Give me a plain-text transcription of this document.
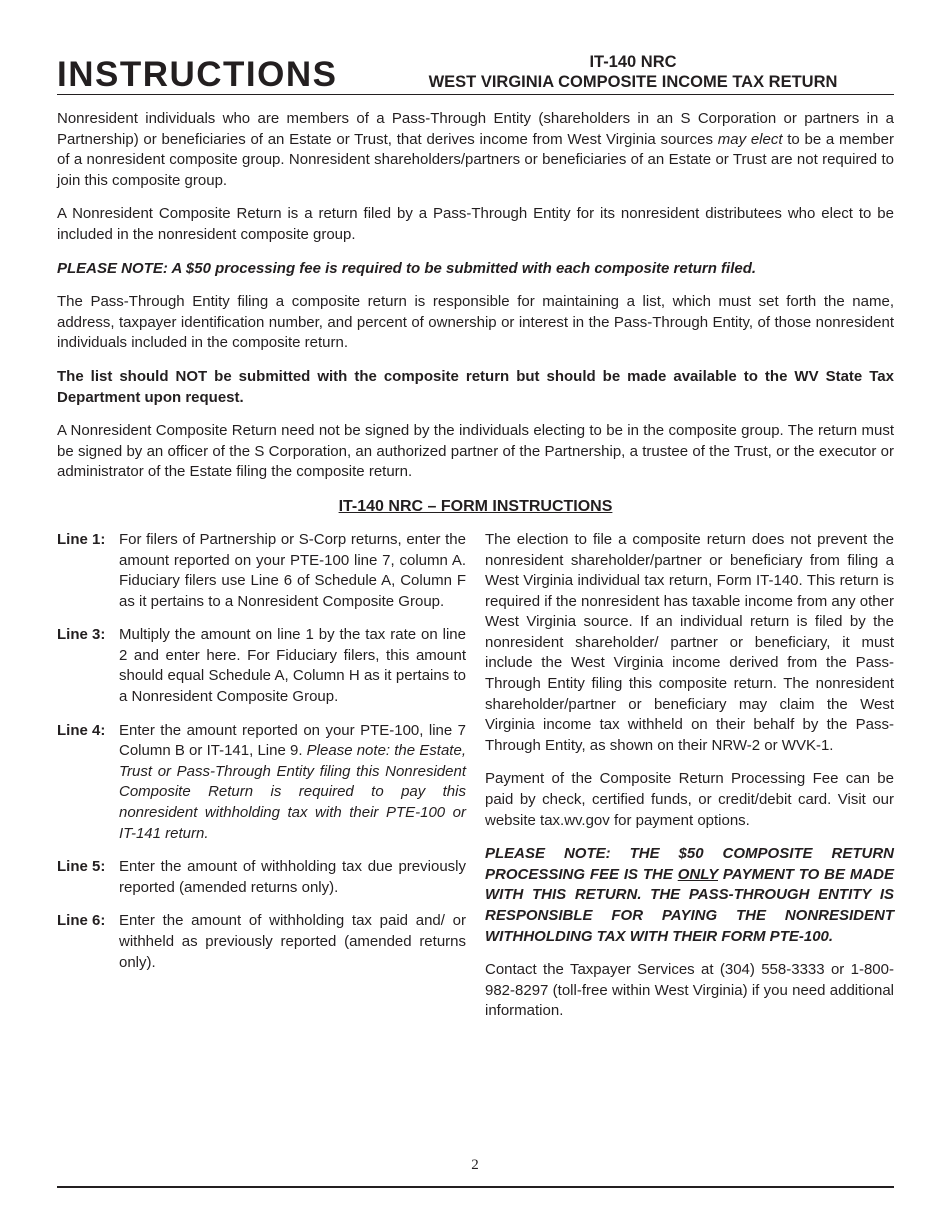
INSTRUCTIONS	IT-140 NRC
WEST VIRGINIA COMPOSITE INCOME TAX RETURN

Nonresident individuals who are members of a Pass-Through Entity (shareholders in an S Corporation or partners in a Partnership) or beneficiaries of an Estate or Trust, that derives income from West Virginia sources may elect to be a member of a nonresident composite group. Nonresident shareholders/partners or beneficiaries of an Estate or Trust are not required to join this composite group.

A Nonresident Composite Return is a return filed by a Pass-Through Entity for its nonresident distributees who elect to be included in the nonresident composite group.

PLEASE NOTE: A $50 processing fee is required to be submitted with each composite return filed.

The Pass-Through Entity filing a composite return is responsible for maintaining a list, which must set forth the name, address, taxpayer identification number, and percent of ownership or interest in the Pass-Through Entity, of those nonresident individuals included in the composite return.

The list should NOT be submitted with the composite return but should be made available to the WV State Tax Department upon request.

A Nonresident Composite Return need not be signed by the individuals electing to be in the composite group. The return must be signed by an officer of the S Corporation, an authorized partner of the Partnership, a trustee of the Trust, or the executor or administrator of the Estate filing the composite return.

IT-140 NRC – FORM INSTRUCTIONS
Line 1: For filers of Partnership or S-Corp returns, enter the amount reported on your PTE-100 line 7, column A. Fiduciary filers use Line 6 of Schedule A, Column F as it pertains to a Nonresident Composite Group.
Line 3: Multiply the amount on line 1 by the tax rate on line 2 and enter here. For Fiduciary filers, this amount should equal Schedule A, Column H as it pertains to a Nonresident Composite Group.
Line 4: Enter the amount reported on your PTE-100, line 7 Column B or IT-141, Line 9. Please note: the Estate, Trust or Pass-Through Entity filing this Nonresident Composite Return is required to pay this nonresident withholding tax with their PTE-100 or IT-141 return.
Line 5: Enter the amount of withholding tax due previously reported (amended returns only).
Line 6: Enter the amount of withholding tax paid and/ or withheld as previously reported (amended returns only).

The election to file a composite return does not prevent the nonresident shareholder/partner or beneficiary from filing a West Virginia individual tax return, Form IT-140. This return is required if the nonresident has taxable income from any other West Virginia source. If an individual return is filed by the nonresident shareholder/ partner or beneficiary, it must include the West Virginia income derived from the Pass-Through Entity filing this composite return. The nonresident shareholder/partner or beneficiary may claim the West Virginia income tax withheld on their behalf by the Pass-Through Entity, as shown on their NRW-2 or WVK-1.

Payment of the Composite Return Processing Fee can be paid by check, certified funds, or credit/debit card. Visit our website tax.wv.gov for payment options.

PLEASE NOTE: THE $50 COMPOSITE RETURN PROCESSING FEE IS THE ONLY PAYMENT TO BE MADE WITH THIS RETURN. THE PASS-THROUGH ENTITY IS RESPONSIBLE FOR PAYING THE NONRESIDENT WITHHOLDING TAX WITH THEIR FORM PTE-100.

Contact the Taxpayer Services at (304) 558-3333 or 1-800-982-8297 (toll-free within West Virginia) if you need additional information.

2
